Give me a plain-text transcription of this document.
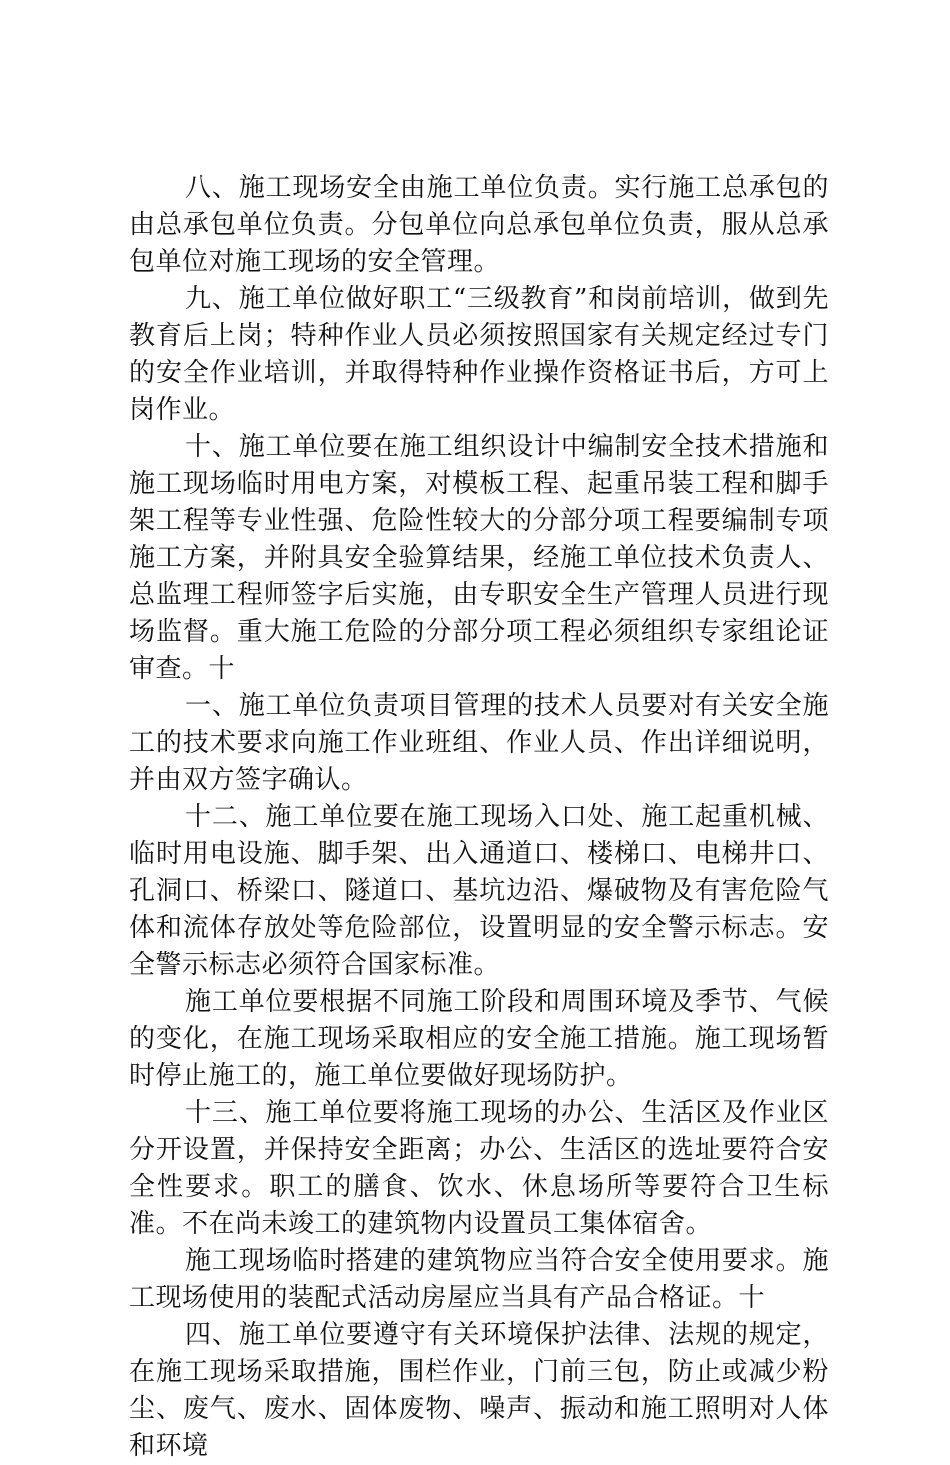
八、施工现场安全由施工单位负责。实行施工总承包的由总承包单位负责。分包单位向总承包单位负责，服从总承包单位对施工现场的安全管理。

九、施工单位做好职工“三级教育”和岗前培训，做到先教育后上岗；特种作业人员必须按照国家有关规定经过专门的安全作业培训，并取得特种作业操作资格证书后，方可上岗作业。

十、施工单位要在施工组织设计中编制安全技术措施和施工现场临时用电方案，对模板工程、起重吊装工程和脚手架工程等专业性强、危险性较大的分部分项工程要编制专项施工方案，并附具安全验算结果，经施工单位技术负责人、总监理工程师签字后实施，由专职安全生产管理人员进行现场监督。重大施工危险的分部分项工程必须组织专家组论证审查。十

一、施工单位负责项目管理的技术人员要对有关安全施工的技术要求向施工作业班组、作业人员、作出详细说明，并由双方签字确认。

十二、施工单位要在施工现场入口处、施工起重机械、临时用电设施、脚手架、出入通道口、楼梯口、电梯井口、孔洞口、桥梁口、隧道口、基坑边沿、爆破物及有害危险气体和流体存放处等危险部位，设置明显的安全警示标志。安全警示标志必须符合国家标准。

施工单位要根据不同施工阶段和周围环境及季节、气候的变化，在施工现场采取相应的安全施工措施。施工现场暂时停止施工的，施工单位要做好现场防护。

十三、施工单位要将施工现场的办公、生活区及作业区分开设置，并保持安全距离；办公、生活区的选址要符合安全性要求。职工的膳食、饮水、休息场所等要符合卫生标准。不在尚未竣工的建筑物内设置员工集体宿舍。

施工现场临时搭建的建筑物应当符合安全使用要求。施工现场使用的装配式活动房屋应当具有产品合格证。十

四、施工单位要遵守有关环境保护法律、法规的规定，在施工现场采取措施，围栏作业，门前三包，防止或减少粉尘、废气、废水、固体废物、噪声、振动和施工照明对人体和环境
